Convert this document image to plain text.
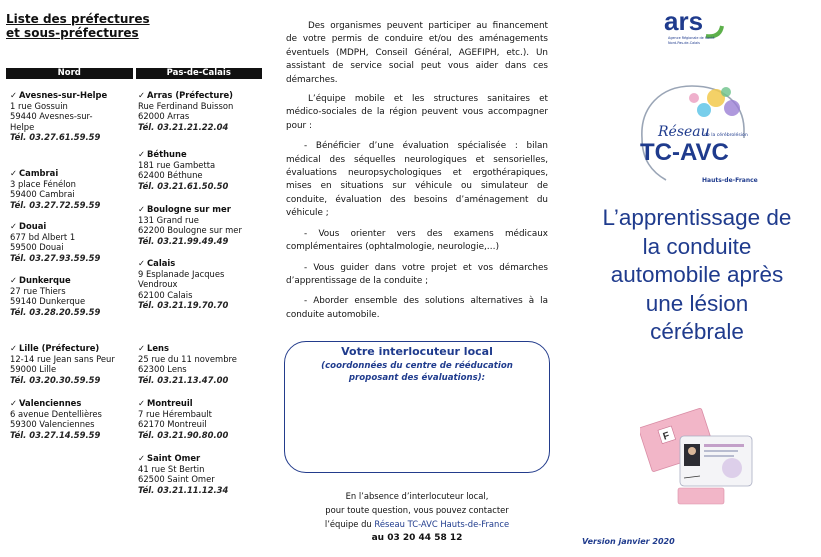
Liste des préfectures
et sous-préfectures
Nord	Pas-de-Calais
✓ Avesnes-sur-Helpe
1 rue Gossuin
59440 Avesnes-sur-
Helpe
Tél. 03.27.61.59.59
✓ Cambrai
3 place Fénélon
59400 Cambrai
Tél. 03.27.72.59.59
✓ Douai
677 bd Albert 1
59500 Douai
Tél. 03.27.93.59.59
✓ Dunkerque
27 rue Thiers
59140 Dunkerque
Tél. 03.28.20.59.59
✓ Lille (Préfecture)
12-14 rue Jean sans Peur
59000 Lille
Tél. 03.20.30.59.59
✓ Valenciennes
6 avenue Dentellières
59300 Valenciennes
Tél. 03.27.14.59.59
✓ Arras (Préfecture)
Rue Ferdinand Buisson
62000 Arras
Tél. 03.21.21.22.04
✓ Béthune
181 rue Gambetta
62400 Béthune
Tél. 03.21.61.50.50
✓ Boulogne sur mer
131 Grand rue
62200 Boulogne sur mer
Tél. 03.21.99.49.49
✓ Calais
9 Esplanade Jacques
Vendroux
62100 Calais
Tél. 03.21.19.70.70
✓ Lens
25 rue du 11 novembre
62300 Lens
Tél. 03.21.13.47.00
✓ Montreuil
7 rue Hérembault
62170 Montreuil
Tél. 03.21.90.80.00
✓ Saint Omer
41 rue St Bertin
62500 Saint Omer
Tél. 03.21.11.12.34

Des organismes peuvent participer au financement de votre permis de conduire et/ou des aménagements éventuels (MDPH, Conseil Général, AGEFIPH, etc.). Un assistant de service social peut vous aider dans ces démarches.

L’équipe mobile et les structures sanitaires et médico-sociales de la région peuvent vous accompagner pour :

- Bénéficier d’une évaluation spécialisée : bilan médical des séquelles neurologiques et sensorielles, évaluations neuropsychologiques et ergothérapiques, mises en situations sur véhicule ou simulateur de conduite, évaluation des besoins d’aménagement du véhicule ;

- Vous orienter vers des examens médicaux complémentaires (ophtalmologie, neurologie,…)

- Vous guider dans votre projet et vos démarches d’apprentissage de la conduite ;

- Aborder ensemble des solutions alternatives à la conduite automobile.

Votre interlocuteur local
(coordonnées du centre de rééducation
proposant des évaluations):
En l’absence d’interlocuteur local,
pour toute question, vous pouvez contacter
l’équipe du Réseau TC-AVC Hauts-de-France
au 03 20 44 58 12
ars
Agence Régionale de Santé
Nord-Pas-de-Calais
Réseau
de la cérébrolésion
TC-AVC
Hauts-de-France
L’apprentissage de
la conduite
automobile après
une lésion
cérébrale
F
Version janvier 2020
